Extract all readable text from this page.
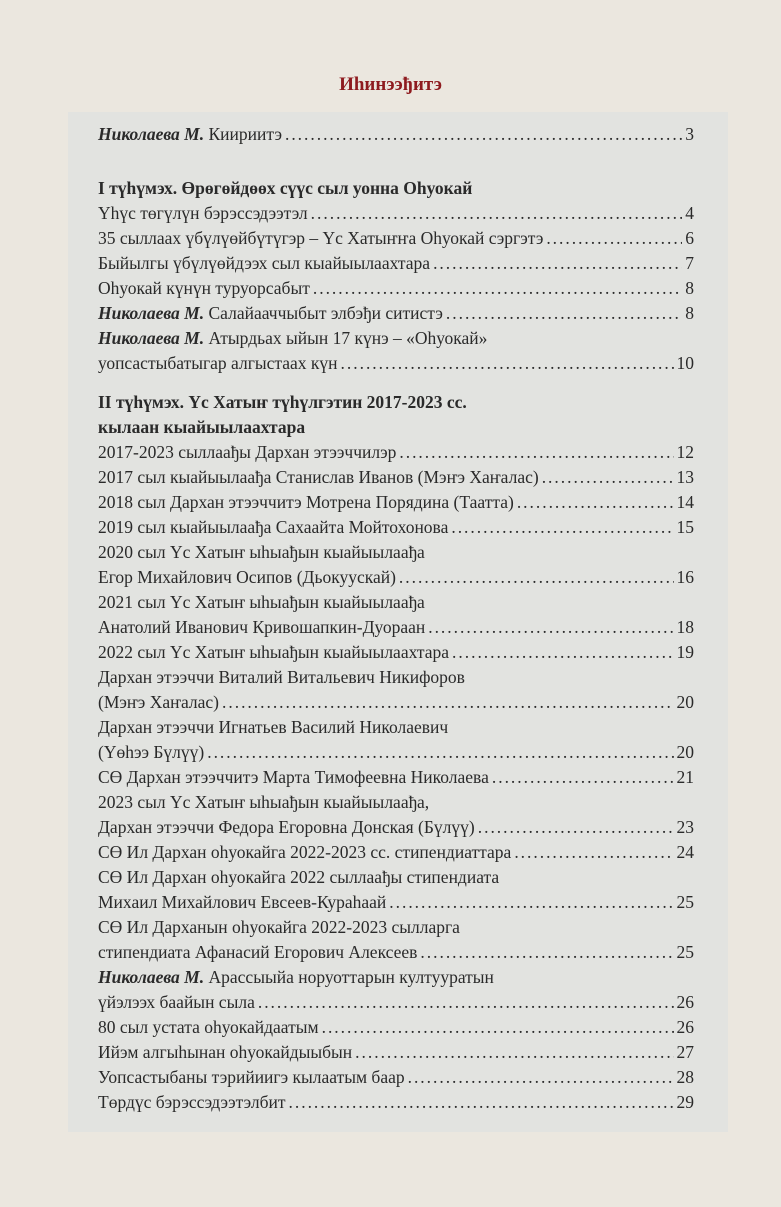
Иhинээђитэ
Николаева М. Киириитэ . . .	3
I түhүмэх. Өрөгөйдөөх сүүс сыл уонна Оhуокай
Үhүс төгүлүн бэрэссэдээтэл . . .	4
35 сыллаах үбүлүөйбүтүгэр – Үс Хатыҥҥа Оhуокай сэргэтэ . . .	6
Быйылгы үбүлүөйдээх сыл кыайыылаахтара . . .	7
Оhуокай күнүн туруорсабыт . . .	8
Николаева М. Салайааччыбыт элбэђи ситистэ . . .	8
Николаева М. Атырдьах ыйын 17 күнэ – «Оhуокай»
уопсастыбатыгар алгыстаах күн . . .	10
II түhүмэх. Үс Хатыҥ түhүлгэтин 2017-2023 сс.
кылаан кыайыылаахтара
2017-2023 сыллаађы Дархан этээччилэр . . .	12
2017 сыл кыайыылаађа Станислав Иванов (Мэҥэ Хаҥалас) . . .	13
2018 сыл Дархан этээччитэ Мотрена Порядина (Таатта) . . .	14
2019 сыл кыайыылаађа Сахаайта Мойтохонова . . .	15
2020 сыл Үс Хатыҥ ыhыађын кыайыылаађа
Егор Михайлович Осипов (Дьокуускай) . . .	16
2021 сыл Үс Хатыҥ ыhыађын кыайыылаађа
Анатолий Иванович Кривошапкин-Дуораан . . .	18
2022 сыл Үс Хатыҥ ыhыађын кыайыылаахтара . . .	19
Дархан этээччи Виталий Витальевич Никифоров
(Мэҥэ Хаҥалас) . . .	20
Дархан этээччи Игнатьев Василий Николаевич
(Үөhээ Бүлүү) . . .	20
СӨ Дархан этээччитэ Марта Тимофеевна Николаева . . .	21
2023 сыл Үс Хатыҥ ыhыађын кыайыылаађа,
Дархан этээччи Федора Егоровна Донская (Бүлүү) . . .	23
СӨ Ил Дархан оhуокайга 2022-2023 сс. стипендиаттара . . .	24
СӨ Ил Дархан оhуокайга 2022 сыллаађы стипендиата
Михаил Михайлович Евсеев-Кураhаай . . .	25
СӨ Ил Дарханын оhуокайга 2022-2023 сылларга
стипендиата Афанасий Егорович Алексеев . . .	25
Николаева М. Арассыыйа норуоттарын култууратын
үйэлээх баайын сыла . . .	26
80 сыл устата оhуокайдаатым . . .	26
Ийэм алгыhынан оhуокайдыыбын . . .	27
Уопсастыбаны тэрийиигэ кылаатым баар . . .	28
Төрдүс бэрэссэдээтэлбит . . .	29
